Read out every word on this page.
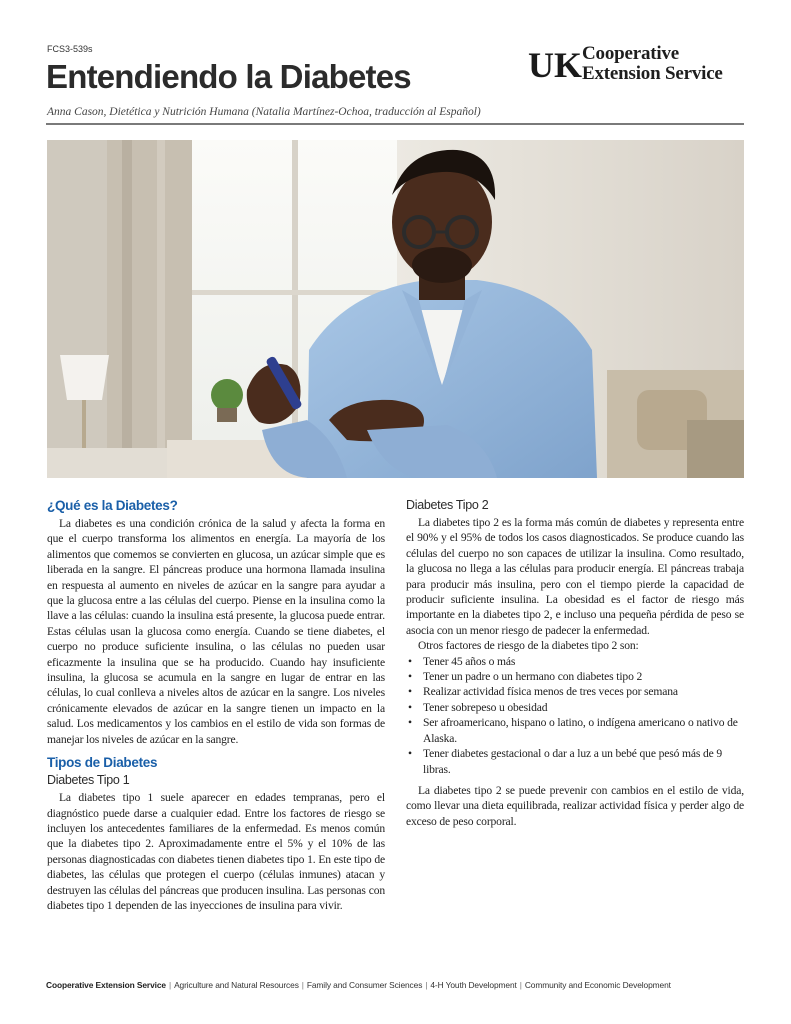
FCS3-539s
Entendiendo la Diabetes	UK Cooperative
Extension Service
Anna Cason, Dietética y Nutrición Humana (Natalia Martínez-Ochoa, traducción al Español)
¿Qué es la Diabetes?

La diabetes es una condición crónica de la salud y afecta la forma en que el cuerpo transforma los alimentos en energía. La mayoría de los alimentos que comemos se convierten en glucosa, un azúcar simple que es liberada en la sangre. El páncreas produce una hormona llamada insulina en respuesta al aumento en niveles de azúcar en la sangre para ayudar a que la glucosa entre a las células del cuerpo. Piense en la insulina como la llave a las células: cuando la insulina está presente, la glucosa puede entrar. Estas células usan la glucosa como energía. Cuando se tiene diabetes, el cuerpo no produce suficiente insulina, o las células no pueden usar eficazmente la insulina que se ha producido. Cuando hay insuficiente insulina, la glucosa se acumula en la sangre en lugar de entrar en las células, lo cual conlleva a niveles altos de azúcar en la sangre. Los niveles crónicamente elevados de azúcar en la sangre tienen un impacto en la salud. Los medicamentos y los cambios en el estilo de vida son formas de manejar los niveles de azúcar en la sangre.

Tipos de Diabetes
Diabetes Tipo 1

La diabetes tipo 1 suele aparecer en edades tempranas, pero el diagnóstico puede darse a cualquier edad. Entre los factores de riesgo se incluyen los antecedentes familiares de la enfermedad. Es menos común que la diabetes tipo 2. Aproximadamente entre el 5% y el 10% de las personas diagnosticadas con diabetes tienen diabetes tipo 1. En este tipo de diabetes, las células que protegen el cuerpo (células inmunes) atacan y destruyen las células del páncreas que producen insulina. Las personas con diabetes tipo 1 dependen de las inyecciones de insulina para vivir.

Diabetes Tipo 2

La diabetes tipo 2 es la forma más común de diabetes y representa entre el 90% y el 95% de todos los casos diagnosticados. Se produce cuando las células del cuerpo no son capaces de utilizar la insulina. Como resultado, la glucosa no llega a las células para producir energía. El páncreas trabaja para producir más insulina, pero con el tiempo pierde la capacidad de producir suficiente insulina. La obesidad es el factor de riesgo más importante en la diabetes tipo 2, e incluso una pequeña pérdida de peso se asocia con un menor riesgo de padecer la enfermedad.

Otros factores de riesgo de la diabetes tipo 2 son:

• Tener 45 años o más
• Tener un padre o un hermano con diabetes tipo 2
• Realizar actividad física menos de tres veces por semana
• Tener sobrepeso u obesidad
• Ser afroamericano, hispano o latino, o indígena americano o nativo de Alaska.
• Tener diabetes gestacional o dar a luz a un bebé que pesó más de 9 libras.

La diabetes tipo 2 se puede prevenir con cambios en el estilo de vida, como llevar una dieta equilibrada, realizar actividad física y perder algo de exceso de peso corporal.

Cooperative Extension Service | Agriculture and Natural Resources | Family and Consumer Sciences | 4-H Youth Development | Community and Economic Development
